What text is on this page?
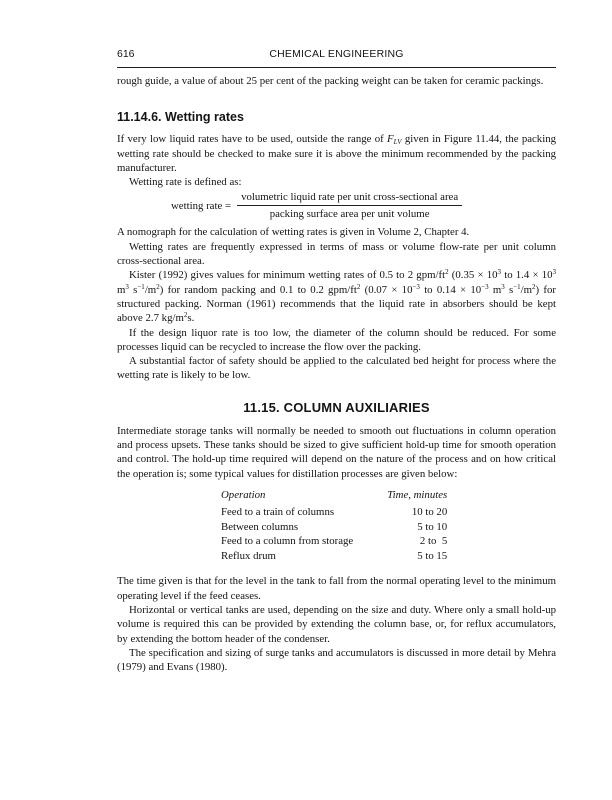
616	CHEMICAL ENGINEERING

rough guide, a value of about 25 per cent of the packing weight can be taken for ceramic packings.

11.14.6. Wetting rates

If very low liquid rates have to be used, outside the range of $F_{LV}$ given in Figure 11.44, the packing wetting rate should be checked to make sure it is above the minimum recommended by the packing manufacturer.

Wetting rate is defined as:

wetting rate = $\frac{\text{volumetric liquid rate per unit cross-sectional area}}{\text{packing surface area per unit volume}}$

A nomograph for the calculation of wetting rates is given in Volume 2, Chapter 4.

Wetting rates are frequently expressed in terms of mass or volume flow-rate per unit column cross-sectional area.

Kister (1992) gives values for minimum wetting rates of 0.5 to 2 gpm/$ft^2$ ($0.35 \times 10^3$ to $1.4 \times 10^3$ $m^3$ $s^{-1}/m^2$) for random packing and 0.1 to 0.2 gpm/$ft^2$ ($0.07 \times 10^{-3}$ to $0.14 \times 10^{-3}$ $m^3$ $s^{-1}/m^2$) for structured packing. Norman (1961) recommends that the liquid rate in absorbers should be kept above 2.7 $kg/m^2s$.

If the design liquor rate is too low, the diameter of the column should be reduced. For some processes liquid can be recycled to increase the flow over the packing.

A substantial factor of safety should be applied to the calculated bed height for process where the wetting rate is likely to be low.

11.15. COLUMN AUXILIARIES

Intermediate storage tanks will normally be needed to smooth out fluctuations in column operation and process upsets. These tanks should be sized to give sufficient hold-up time for smooth operation and control. The hold-up time required will depend on the nature of the process and on how critical the operation is; some typical values for distillation processes are given below:

Operation	Time, minutes
Feed to a train of columns	10 to 20
Between columns	5 to 10
Feed to a column from storage	2 to  5
Reflux drum	5 to 15

The time given is that for the level in the tank to fall from the normal operating level to the minimum operating level if the feed ceases.

Horizontal or vertical tanks are used, depending on the size and duty. Where only a small hold-up volume is required this can be provided by extending the column base, or, for reflux accumulators, by extending the bottom header of the condenser.

The specification and sizing of surge tanks and accumulators is discussed in more detail by Mehra (1979) and Evans (1980).
